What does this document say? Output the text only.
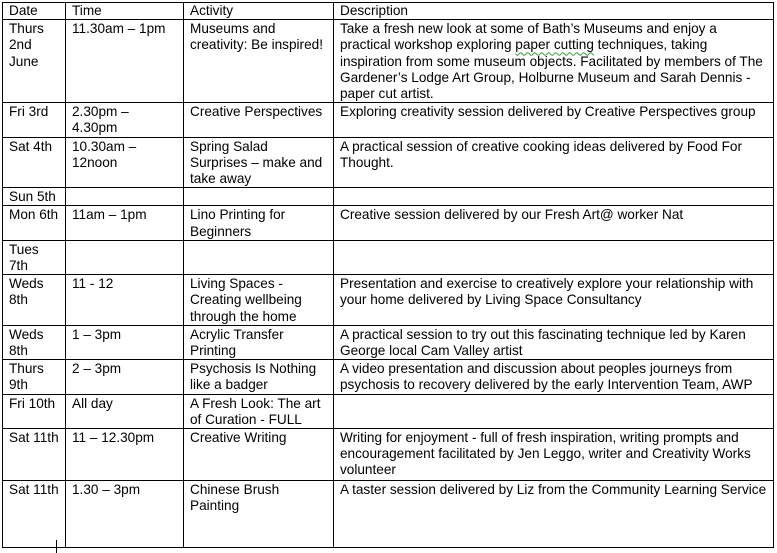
Date	Time	Activity	Description
Thurs 2nd June	11.30am – 1pm	Museums and creativity: Be inspired!	Take a fresh new look at some of Bath’s Museums and enjoy a practical workshop exploring paper cutting techniques, taking inspiration from some museum objects. Facilitated by members of The Gardener’s Lodge Art Group, Holburne Museum and Sarah Dennis -paper cut artist.
Fri 3rd	2.30pm – 4.30pm	Creative Perspectives	Exploring creativity session delivered by Creative Perspectives group
Sat 4th	10.30am – 12noon	Spring Salad Surprises – make and take away	A practical session of creative cooking ideas delivered by Food For Thought.
Sun 5th			
Mon 6th	11am – 1pm	Lino Printing for Beginners	Creative session delivered by our Fresh Art@ worker Nat
Tues 7th			
Weds 8th	11 - 12	Living Spaces - Creating wellbeing through the home	Presentation and exercise to creatively explore your relationship with your home delivered by Living Space Consultancy
Weds 8th	1 – 3pm	Acrylic Transfer Printing	A practical session to try out this fascinating technique led by Karen George local Cam Valley artist
Thurs 9th	2 – 3pm	Psychosis Is Nothing like a badger	A video presentation and discussion about peoples journeys from psychosis to recovery delivered by the early Intervention Team, AWP
Fri 10th	All day	A Fresh Look: The art of Curation - FULL	
Sat 11th	11 – 12.30pm	Creative Writing	Writing for enjoyment - full of fresh inspiration, writing prompts and encouragement facilitated by Jen Leggo, writer and Creativity Works volunteer
Sat 11th	1.30 – 3pm	Chinese Brush Painting	A taster session delivered by Liz from the Community Learning Service
